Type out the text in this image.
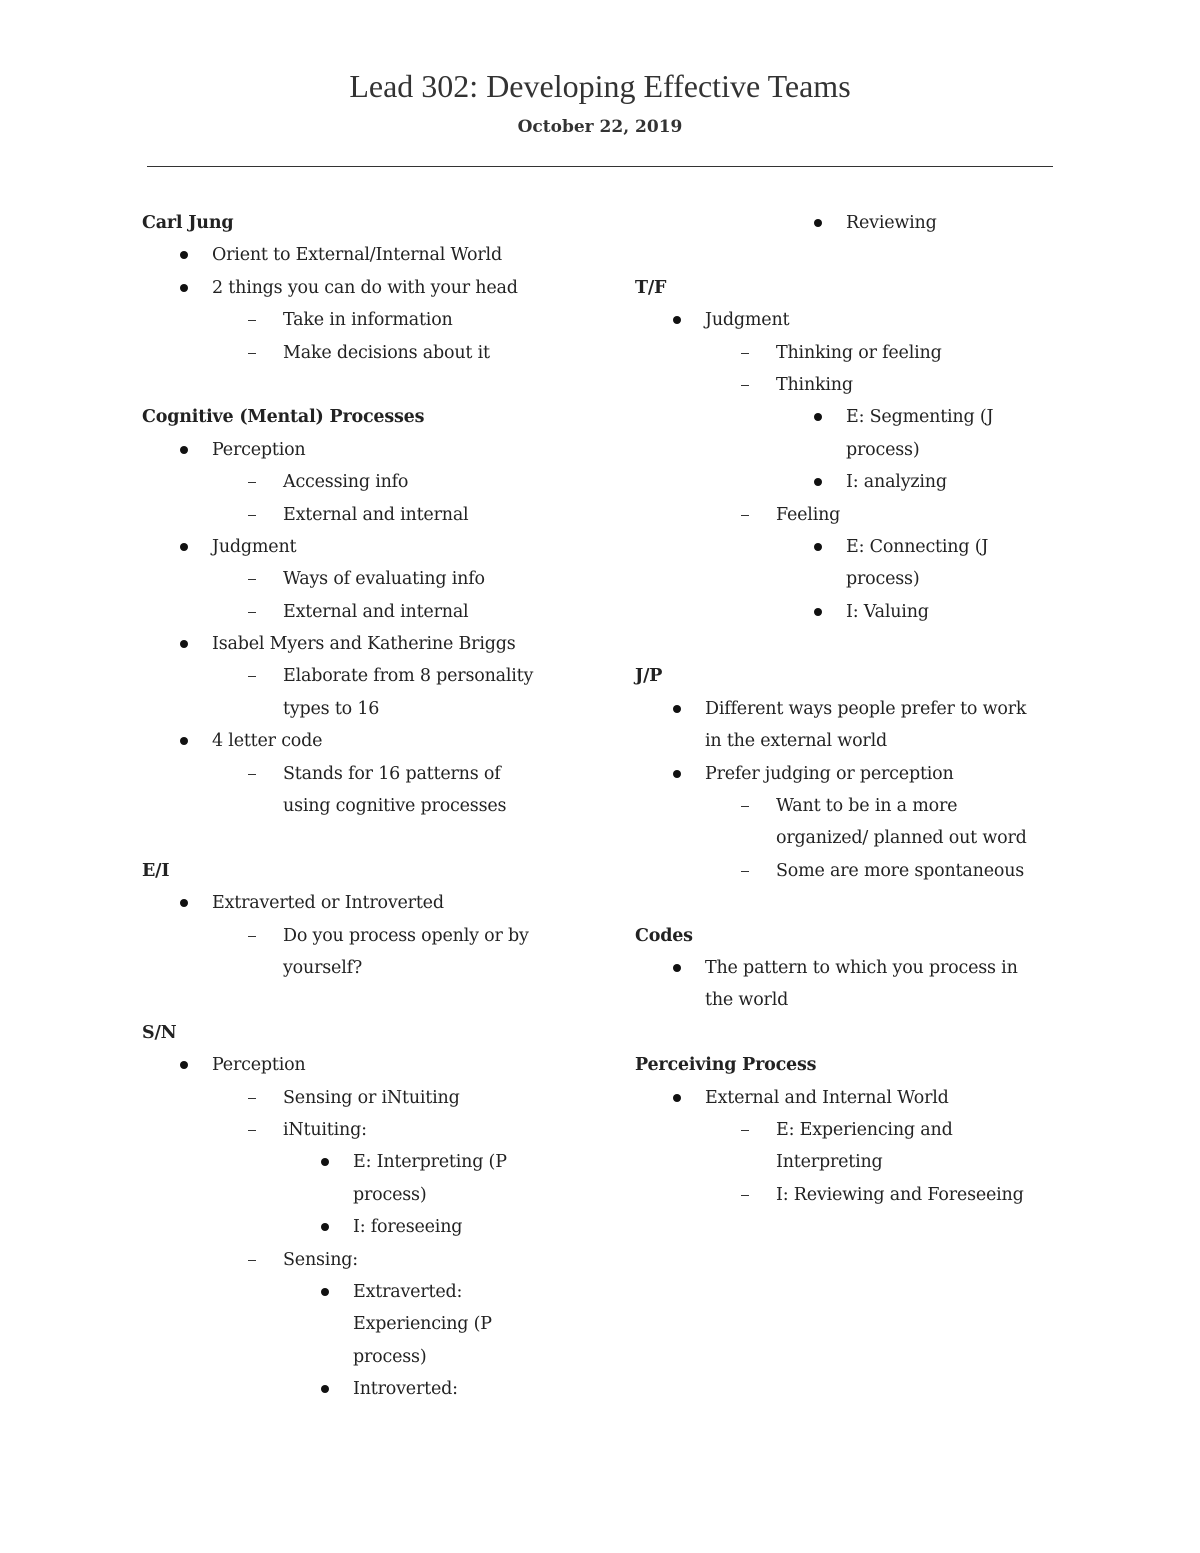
Lead 302: Developing Effective Teams
October 22, 2019
Carl Jung
Orient to External/Internal World
2 things you can do with your head
Take in information
Make decisions about it
Cognitive (Mental) Processes
Perception
Accessing info
External and internal
Judgment
Ways of evaluating info
External and internal
Isabel Myers and Katherine Briggs
Elaborate from 8 personality
types to 16
4 letter code
Stands for 16 patterns of
using cognitive processes
E/I
Extraverted or Introverted
Do you process openly or by
yourself?
S/N
Perception
Sensing or iNtuiting
iNtuiting:
E: Interpreting (P
process)
I: foreseeing
Sensing:
Extraverted:
Experiencing (P
process)
Introverted:
Reviewing
T/F
Judgment
Thinking or feeling
Thinking
E: Segmenting (J
process)
I: analyzing
Feeling
E: Connecting (J
process)
I: Valuing
J/P
Different ways people prefer to work
in the external world
Prefer judging or perception
Want to be in a more
organized/ planned out word
Some are more spontaneous
Codes
The pattern to which you process in
the world
Perceiving Process
External and Internal World
E: Experiencing and
Interpreting
I: Reviewing and Foreseeing
